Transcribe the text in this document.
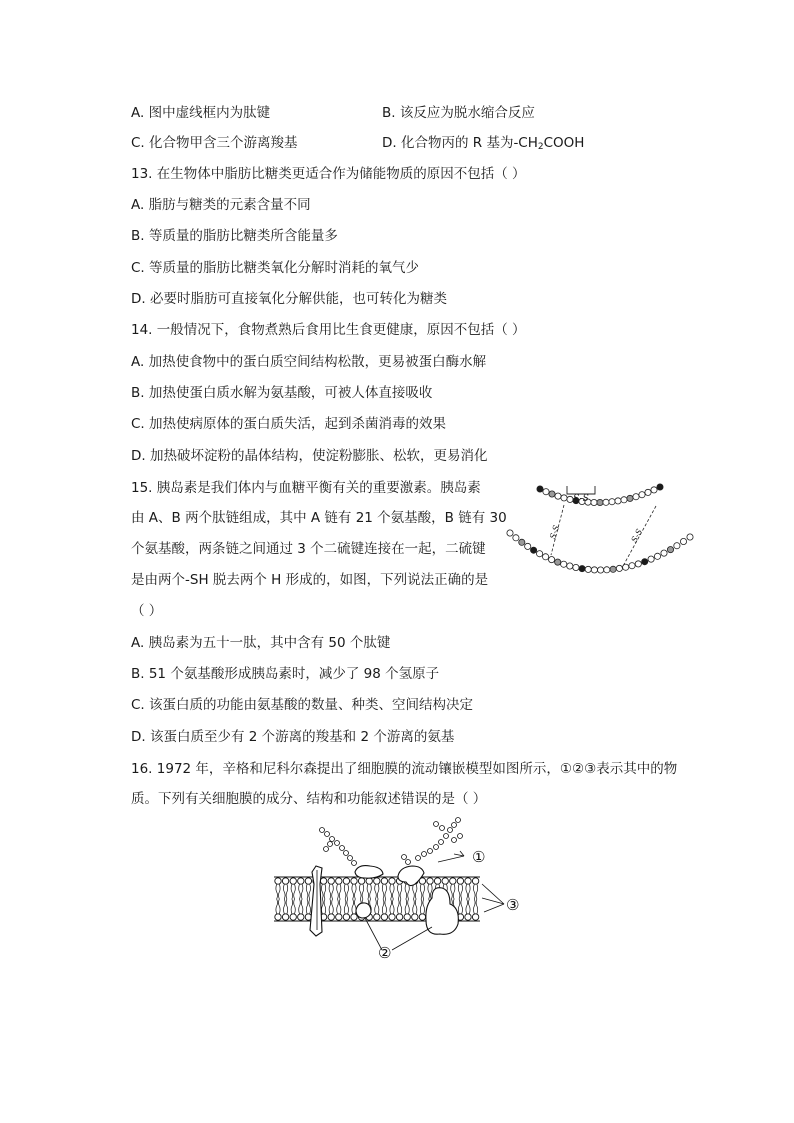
A. 图中虚线框内为肽键	B. 该反应为脱水缩合反应
C. 化合物甲含三个游离羧基	D. 化合物丙的 R 基为$-CH_2COOH$
13. 在生物体中脂肪比糖类更适合作为储能物质的原因不包括（ ）
A. 脂肪与糖类的元素含量不同
B. 等质量的脂肪比糖类所含能量多
C. 等质量的脂肪比糖类氧化分解时消耗的氧气少
D. 必要时脂肪可直接氧化分解供能，也可转化为糖类
14. 一般情况下，食物煮熟后食用比生食更健康，原因不包括（ ）
A. 加热使食物中的蛋白质空间结构松散，更易被蛋白酶水解
B. 加热使蛋白质水解为氨基酸，可被人体直接吸收
C. 加热使病原体的蛋白质失活，起到杀菌消毒的效果
D. 加热破坏淀粉的晶体结构，使淀粉膨胀、松软，更易消化
15. 胰岛素是我们体内与血糖平衡有关的重要激素。胰岛素
由 A、B 两个肽链组成，其中 A 链有 21 个氨基酸，B 链有 30
个氨基酸，两条链之间通过 3 个二硫键连接在一起，二硫键
是由两个-SH 脱去两个 H 形成的，如图，下列说法正确的是
（ ）
A. 胰岛素为五十一肽，其中含有 50 个肽键
B. 51 个氨基酸形成胰岛素时，减少了 98 个氢原子
C. 该蛋白质的功能由氨基酸的数量、种类、空间结构决定
D. 该蛋白质至少有 2 个游离的羧基和 2 个游离的氨基
S-S
S-S	S-S
16. 1972 年，辛格和尼科尔森提出了细胞膜的流动镶嵌模型如图所示，①②③表示其中的物
质。下列有关细胞膜的成分、结构和功能叙述错误的是（ ）
①
②
③
